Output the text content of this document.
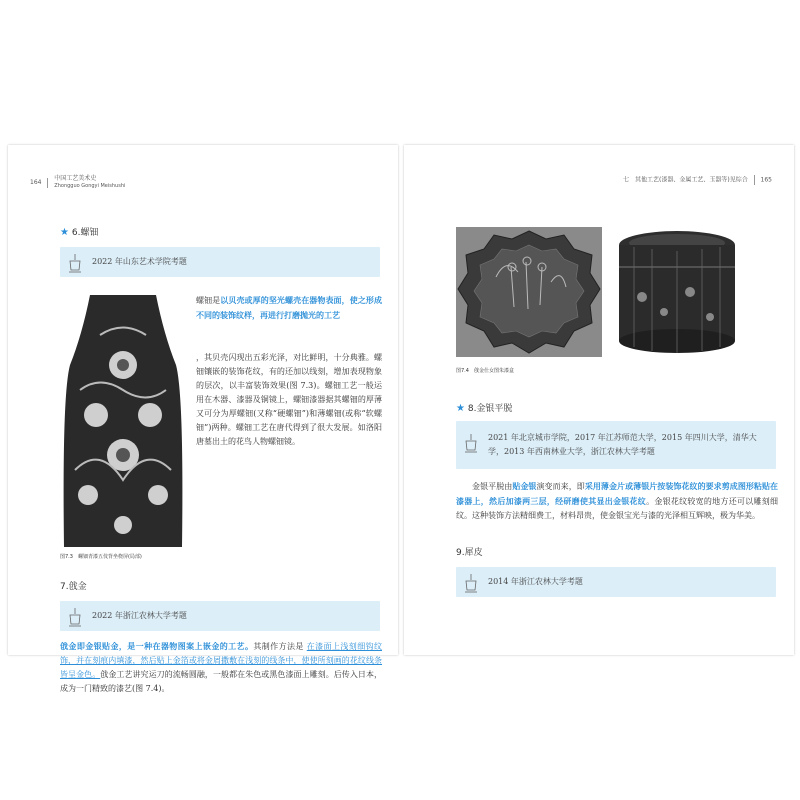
164  中国工艺美术史
Zhongguo Gongyi Meishushi
★ 6.螺钿
2022 年山东艺术学院考题
图7.3　螺钿青漆五伎背坐桡屏(局部)
螺钿是以贝壳或厚的坚光螺壳在器物表面，使之形成不同的装饰纹样，再进行打磨抛光的工艺
，其贝壳闪现出五彩光泽，对比鲜明，十分典雅。螺钿镶嵌的装饰花纹，有的还加以线刻，增加表现物象的层次，以丰富装饰效果(图 7.3)。螺钿工艺一般运用在木器、漆器及铜镜上，螺钿漆器据其螺钿的厚薄又可分为厚螺钿(又称“硬螺钿”)和薄螺钿(或称“软螺钿”)两种。螺钿工艺在唐代得到了很大发展。如洛阳唐墓出土的花鸟人物螺钿镜。
7.戗金
2022 年浙江农林大学考题
戗金即金银贴金，是一种在器物图案上嵌金的工艺。其制作方法是 在漆面上浅刻细钩纹饰，并在刻痕内填漆，然后贴上金箔或将金屑撒敷在浅刻的线条中，使使所刻画的花纹线条皆呈金色。戗金工艺讲究运刀的流畅圆融，一般都在朱色或黑色漆面上雕刻。后传入日本，成为一门精致的漆艺(图 7.4)。
七　其他工艺(漆器、金属工艺、玉器等)见综合 165
图7.4　戗金仕女图朱漆盒
★ 8.金银平脱
2021 年北京城市学院，2017 年江苏师范大学，2015 年四川大学，清华大学，2013 年西南林业大学，浙江农林大学考题
金银平脱由贴金银演变而来，即采用薄金片或薄银片按装饰花纹的要求剪成图形粘贴在漆器上，然后加漆两三层，经研磨使其显出金银花纹。金银花纹较宽的地方还可以雕刻细纹。这种装饰方法精细费工，材料昂贵，使金银宝光与漆的光泽相互辉映，极为华美。
9.犀皮
2014 年浙江农林大学考题
